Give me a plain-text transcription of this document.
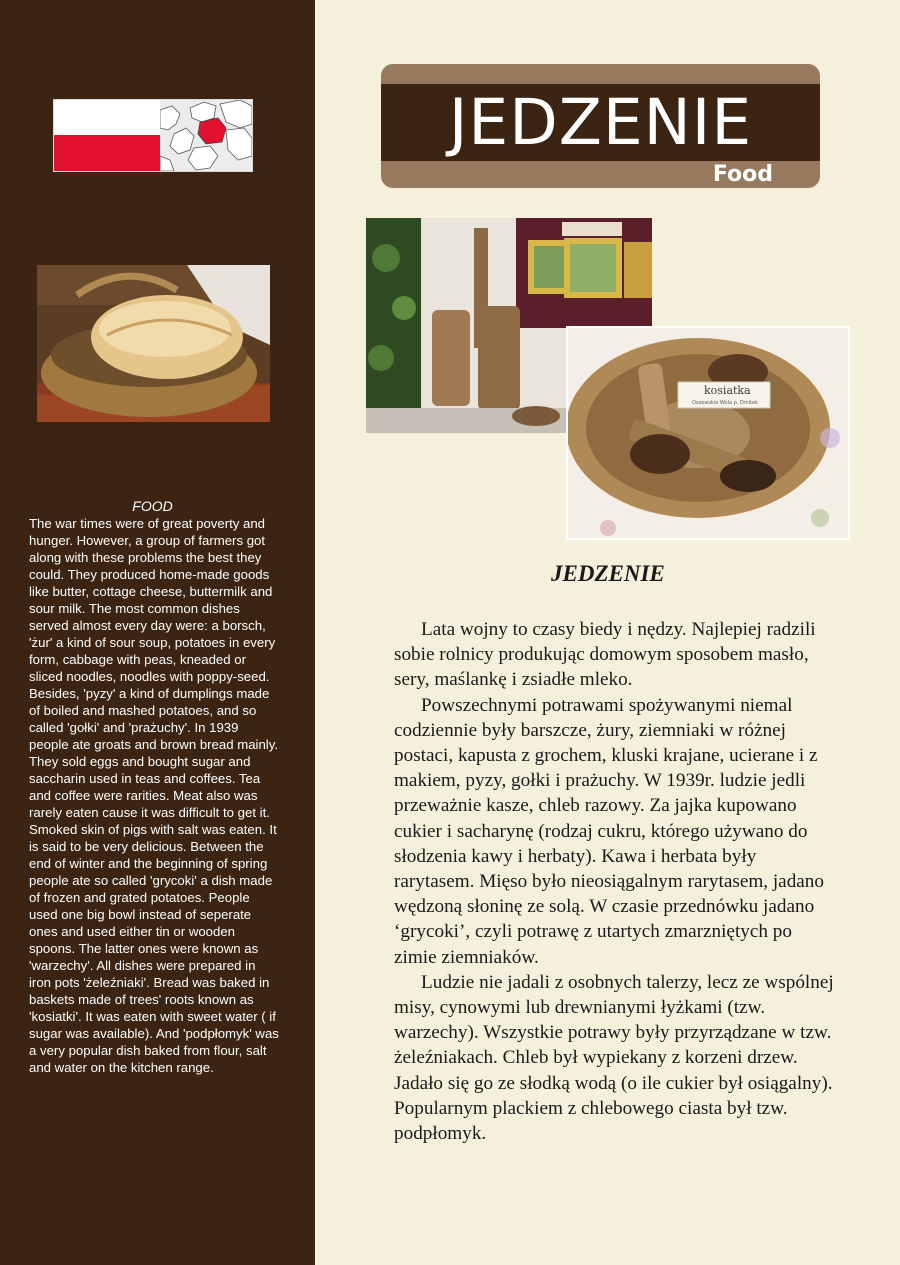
FOOD
The war times were of great poverty and hunger. However, a group of farmers got along with these problems the best they could. They produced home-made goods like butter, cottage cheese, buttermilk and sour milk. The most common dishes served almost every day were: a borsch, 'żur' a kind of sour soup, potatoes in every form, cabbage with peas, kneaded or sliced noodles, noodles with poppy-seed. Besides, 'pyzy' a kind of dumplings made of boiled and mashed potatoes, and so called 'gołki' and 'prażuchy'. In 1939 people ate groats and brown bread mainly. They sold eggs and bought sugar and saccharin used in teas and coffees. Tea and coffee were rarities. Meat also was rarely eaten cause it was difficult to get it. Smoked skin of pigs with salt was eaten. It is said to be very delicious. Between the end of winter and the beginning of spring people ate so called 'grycoki' a dish made of frozen and grated potatoes. People used one big bowl instead of seperate ones and used either tin or wooden spoons. The latter ones were known as 'warzechy'. All dishes were prepared in iron pots 'żeleźniaki'. Bread was baked in baskets made of trees' roots known as 'kosiatki'. It was eaten with sweet water ( if sugar was available). And 'podpłomyk' was a very popular dish baked from flour, salt and water on the kitchen range.
JEDZENIE
Food
kosiatka
Oszewskie Wola p. Dmitek
JEDZENIE

Lata wojny to czasy biedy i nędzy. Najlepiej radzili sobie rolnicy produkując domowym sposobem masło, sery, maślankę i zsiadłe mleko.

Powszechnymi potrawami spożywanymi niemal codziennie były barszcze, żury, ziemniaki w różnej postaci, kapusta z grochem, kluski krajane, ucierane i z makiem, pyzy, gołki i prażuchy. W 1939r. ludzie jedli przeważnie kasze, chleb razowy. Za jajka kupowano cukier i sacharynę (rodzaj cukru, którego używano do słodzenia kawy i herbaty). Kawa i herbata były rarytasem. Mięso było nieosiągalnym rarytasem, jadano wędzoną słoninę ze solą. W czasie przednówku jadano ‘grycoki’, czyli potrawę z utartych zmarzniętych po zimie ziemniaków.

Ludzie nie jadali z osobnych talerzy, lecz ze wspólnej misy, cynowymi lub drewnianymi łyżkami (tzw. warzechy). Wszystkie potrawy były przyrządzane w tzw. żeleźniakach. Chleb był wypiekany z korzeni drzew. Jadało się go ze słodką wodą (o ile cukier był osiągalny). Popularnym plackiem z chlebowego ciasta był tzw. podpłomyk.
